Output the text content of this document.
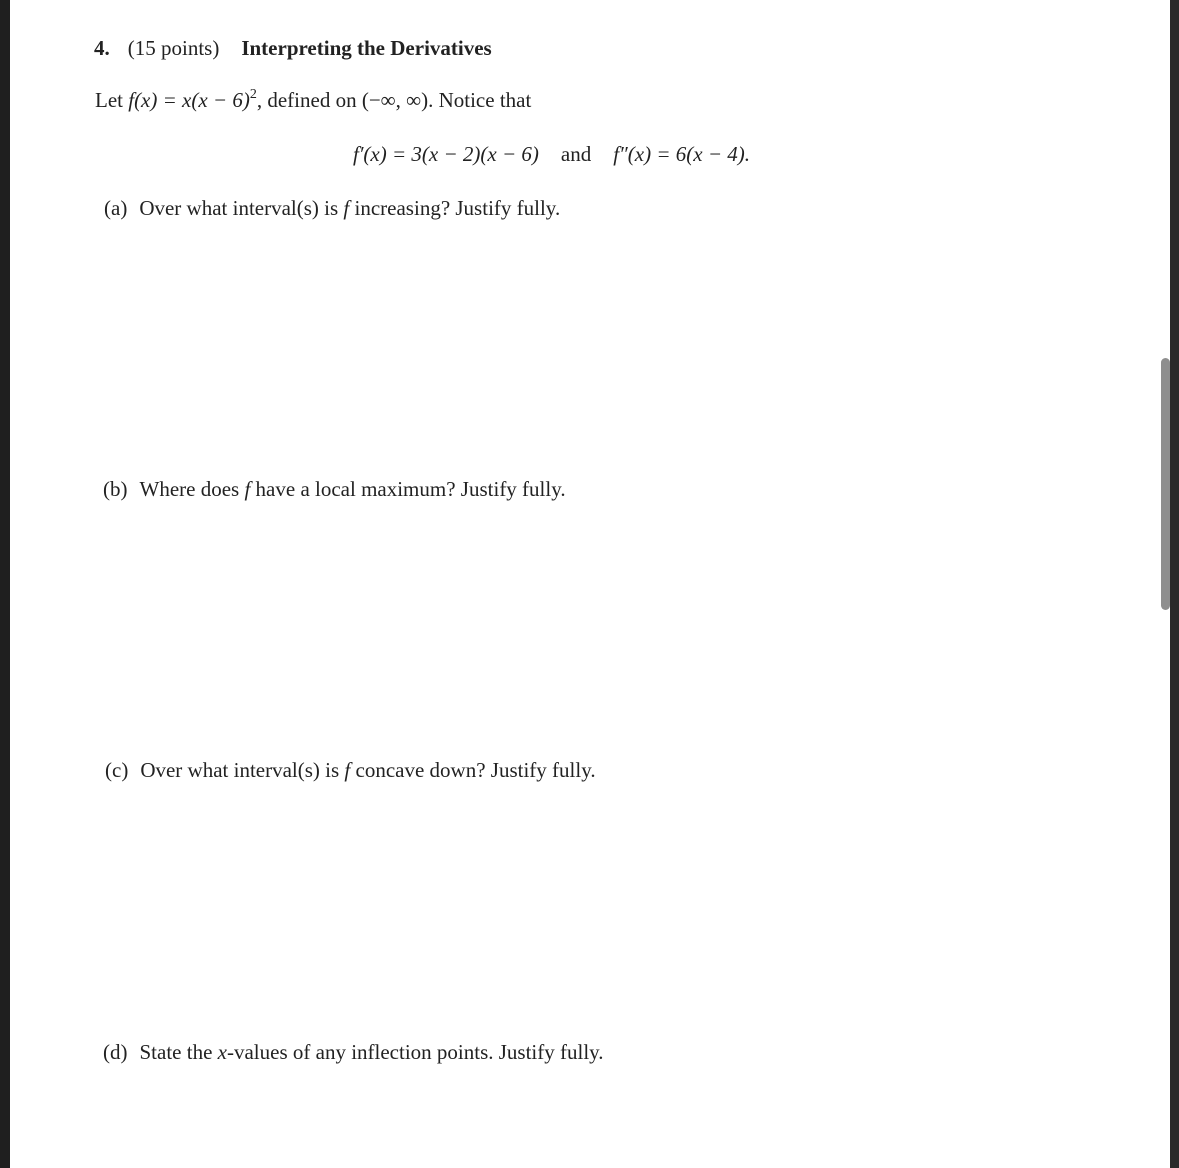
4. (15 points) Interpreting the Derivatives
Let $f(x) = x(x - 6)^2$, defined on (−∞, ∞). Notice that
f′(x) = 3(x − 2)(x − 6) and f″(x) = 6(x − 4).
(a) Over what interval(s) is f increasing? Justify fully.
(b) Where does f have a local maximum? Justify fully.
(c) Over what interval(s) is f concave down? Justify fully.
(d) State the x-values of any inflection points. Justify fully.
